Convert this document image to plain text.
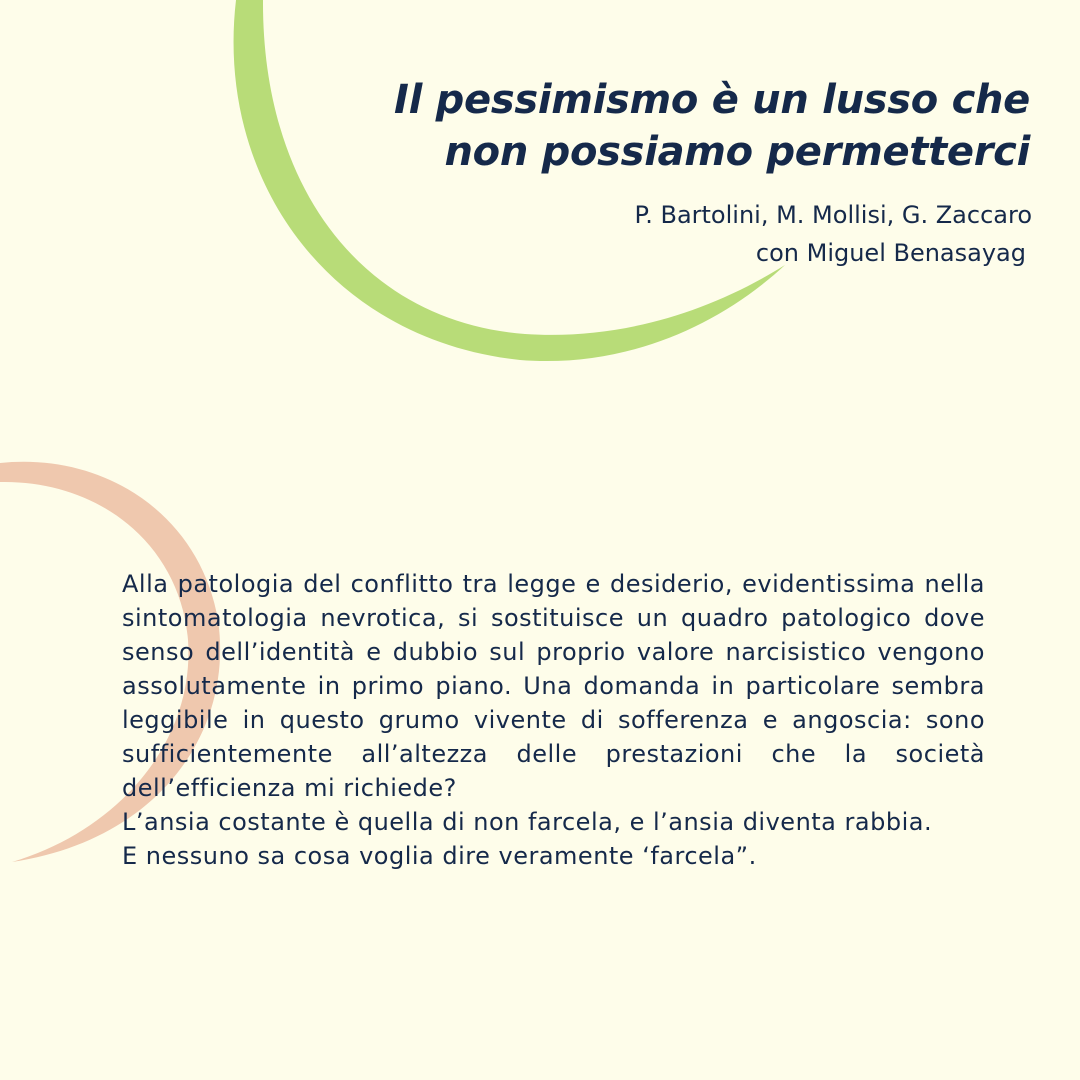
Il pessimismo è un lusso che
non possiamo permetterci
P. Bartolini, M. Mollisi, G. Zaccaro
con Miguel Benasayag

Alla patologia del conflitto tra legge e desiderio, evidentissima nella sintomatologia nevrotica, si sostituisce un quadro patologico dove senso dell’identità e dubbio sul proprio valore narcisistico vengono assolutamente in primo piano. Una domanda in particolare sembra leggibile in questo grumo vivente di sofferenza e angoscia: sono sufficientemente all’altezza delle prestazioni che la società dell’efficienza mi richiede?

L’ansia costante è quella di non farcela, e l’ansia diventa rabbia.

E nessuno sa cosa voglia dire veramente ‘farcela”.
